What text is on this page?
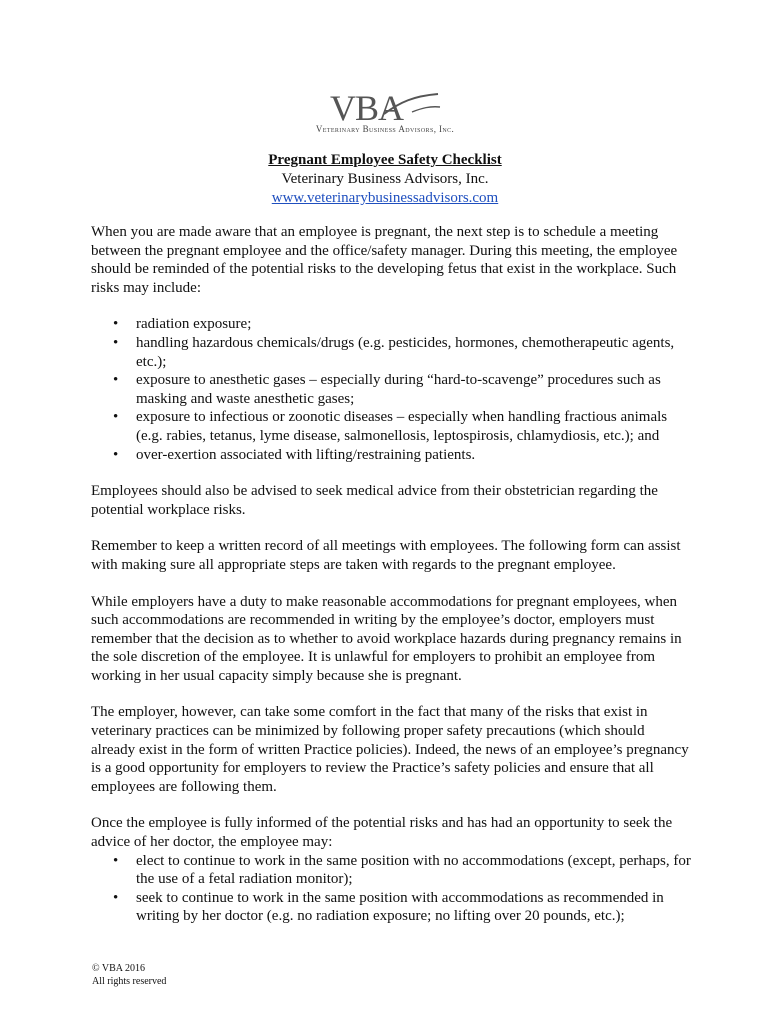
VBA
Veterinary Business Advisors, Inc.
Pregnant Employee Safety Checklist
Veterinary Business Advisors, Inc.
www.veterinarybusinessadvisors.com

When you are made aware that an employee is pregnant, the next step is to schedule a meeting between the pregnant employee and the office/safety manager. During this meeting, the employee should be reminded of the potential risks to the developing fetus that exist in the workplace. Such risks may include:

• radiation exposure;
• handling hazardous chemicals/drugs (e.g. pesticides, hormones, chemotherapeutic agents, etc.);
• exposure to anesthetic gases – especially during “hard-to-scavenge” procedures such as masking and waste anesthetic gases;
• exposure to infectious or zoonotic diseases – especially when handling fractious animals (e.g. rabies, tetanus, lyme disease, salmonellosis, leptospirosis, chlamydiosis, etc.); and
• over-exertion associated with lifting/restraining patients.

Employees should also be advised to seek medical advice from their obstetrician regarding the potential workplace risks.

Remember to keep a written record of all meetings with employees. The following form can assist with making sure all appropriate steps are taken with regards to the pregnant employee.

While employers have a duty to make reasonable accommodations for pregnant employees, when such accommodations are recommended in writing by the employee’s doctor, employers must remember that the decision as to whether to avoid workplace hazards during pregnancy remains in the sole discretion of the employee. It is unlawful for employers to prohibit an employee from working in her usual capacity simply because she is pregnant.

The employer, however, can take some comfort in the fact that many of the risks that exist in veterinary practices can be minimized by following proper safety precautions (which should already exist in the form of written Practice policies). Indeed, the news of an employee’s pregnancy is a good opportunity for employers to review the Practice’s safety policies and ensure that all employees are following them.

Once the employee is fully informed of the potential risks and has had an opportunity to seek the advice of her doctor, the employee may:

• elect to continue to work in the same position with no accommodations (except, perhaps, for the use of a fetal radiation monitor);
• seek to continue to work in the same position with accommodations as recommended in writing by her doctor (e.g. no radiation exposure; no lifting over 20 pounds, etc.);
© VBA 2016
All rights reserved
